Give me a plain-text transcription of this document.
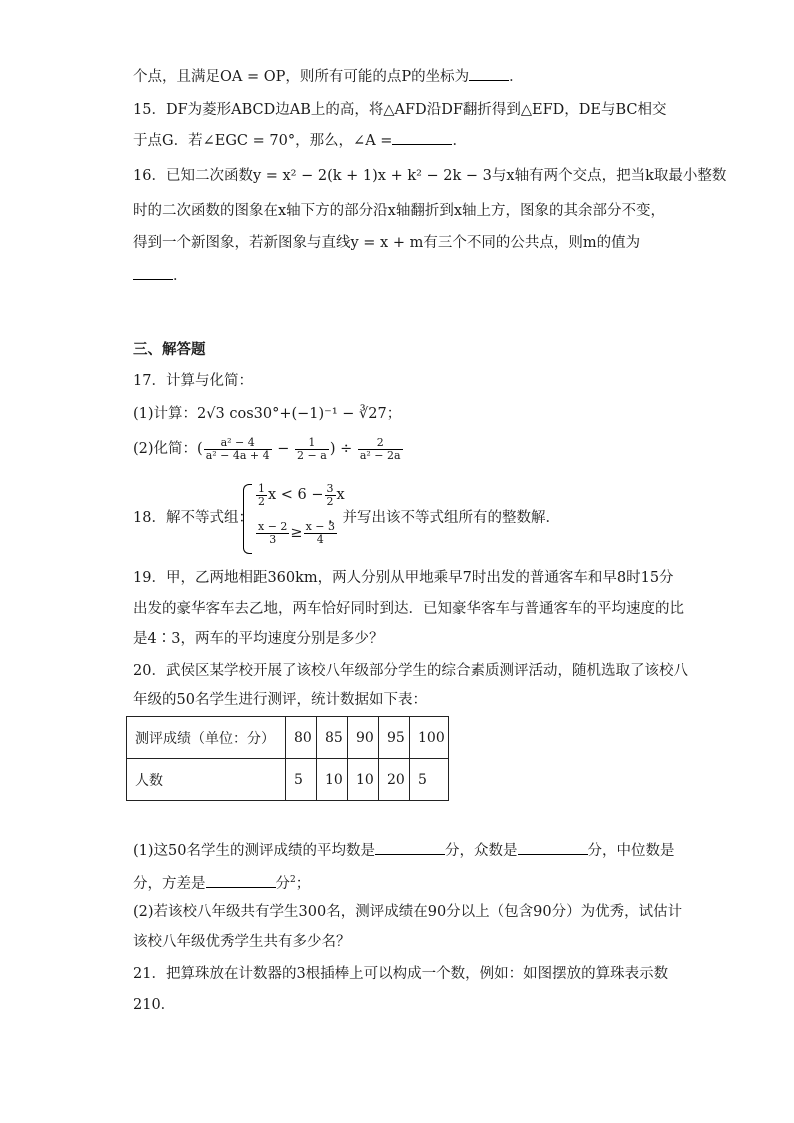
个点，且满足OA = OP，则所有可能的点P的坐标为	．
15．DF为菱形ABCD边AB上的高，将△AFD沿DF翻折得到△EFD，DE与BC相交
于点G．若∠EGC = 70°，那么，∠A =	．
16．已知二次函数y = x² − 2(k + 1)x + k² − 2k − 3与x轴有两个交点，把当k取最小整数
时的二次函数的图象在x轴下方的部分沿x轴翻折到x轴上方，图象的其余部分不变，
得到一个新图象，若新图象与直线y = x + m有三个不同的公共点，则m的值为
．
三、解答题
17．计算与化简：
(1)计算：2√3 cos30°+(−1)⁻¹ − ∛27；
(2)化简：( $\frac{\text{a² − 4}}{\text{a² − 4a + 4}} - \frac{1}{2 - a}$ ) ÷ $\frac{2}{\text{a² − 2a}}$
18．解不等式组：
$\frac{1}{2}$ $x < 6 - \frac{3}{2}$ x
$\frac{x - 2}{3} \ge \frac{x - 3}{4}$
，并写出该不等式组所有的整数解．
19．甲，乙两地相距360km，两人分别从甲地乘早7时出发的普通客车和早8时15分
出发的豪华客车去乙地，两车恰好同时到达．已知豪华客车与普通客车的平均速度的比
是4∶3，两车的平均速度分别是多少？
20．武侯区某学校开展了该校八年级部分学生的综合素质测评活动，随机选取了该校八
年级的50名学生进行测评，统计数据如下表：
测评成绩（单位：分）	80	85	90	95	100
人数	5	10	10	20	5
(1)这50名学生的测评成绩的平均数是	分，众数是	分，中位数是
分，方差是	分$^2$；
(2)若该校八年级共有学生300名，测评成绩在90分以上（包含90分）为优秀，试估计
该校八年级优秀学生共有多少名？
21．把算珠放在计数器的3根插棒上可以构成一个数，例如：如图摆放的算珠表示数
210．
